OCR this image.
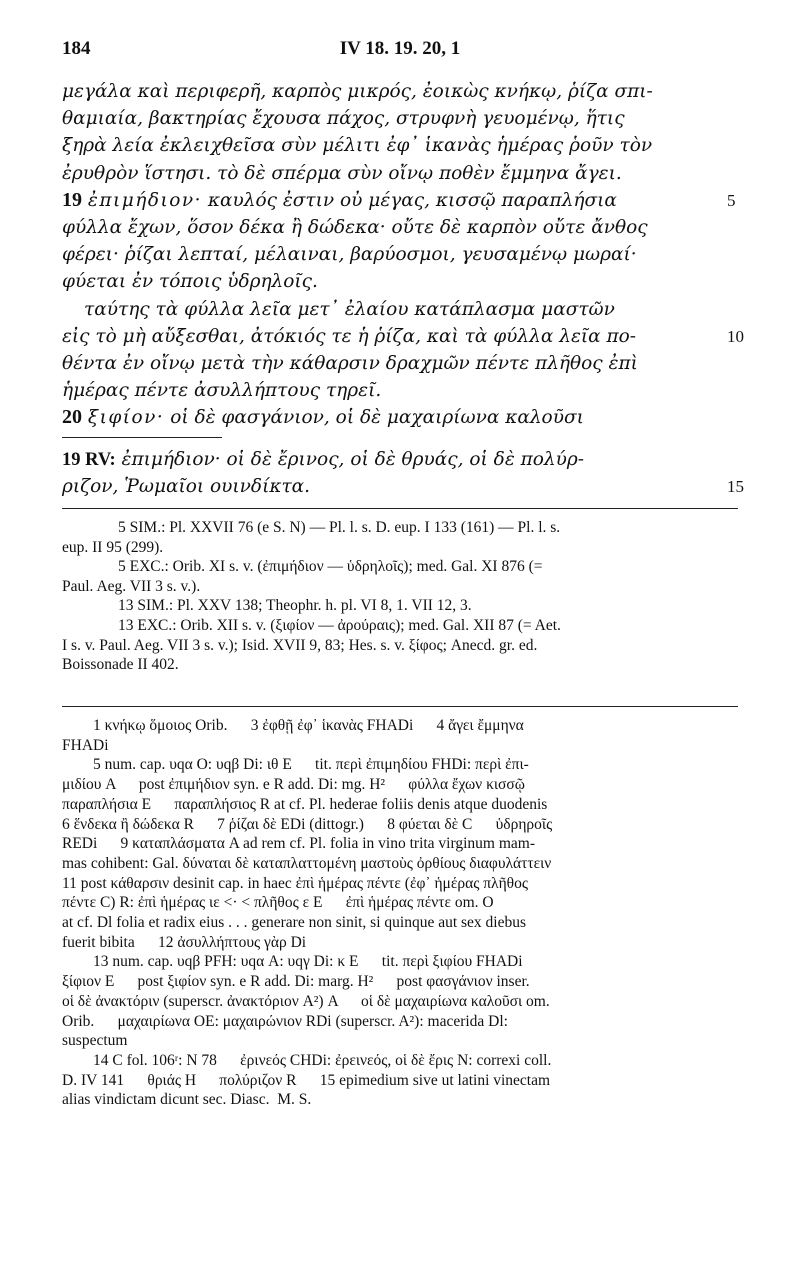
184	IV 18. 19. 20, 1
μεγάλα καὶ περιφερῆ, καρπὸς μικρός, ἐοικὼς κνήκῳ, ῥίζα σπι-
θαμιαία, βακτηρίας ἔχουσα πάχος, στρυφνὴ γευομένῳ, ἥτις
ξηρὰ λεία ἐκλειχθεῖσα σὺν μέλιτι ἐφ᾽ ἱκανὰς ἡμέρας ῥοῦν τὸν
ἐρυθρὸν ἵστησι. τὸ δὲ σπέρμα σὺν οἴνῳ ποθὲν ἔμμηνα ἄγει.
19 ἐπιμήδιον· καυλός ἐστιν οὐ μέγας, κισσῷ παραπλήσια	5
φύλλα ἔχων, ὅσον δέκα ἢ δώδεκα· οὔτε δὲ καρπὸν οὔτε ἄνθος
φέρει· ῥίζαι λεπταί, μέλαιναι, βαρύοσμοι, γευσαμένῳ μωραί·
φύεται ἐν τόποις ὑδρηλοῖς.
ταύτης τὰ φύλλα λεῖα μετ᾽ ἐλαίου κατάπλασμα μαστῶν
εἰς τὸ μὴ αὔξεσθαι, ἀτόκιός τε ἡ ῥίζα, καὶ τὰ φύλλα λεῖα πο-	10
θέντα ἐν οἴνῳ μετὰ τὴν κάθαρσιν δραχμῶν πέντε πλῆθος ἐπὶ
ἡμέρας πέντε ἀσυλλήπτους τηρεῖ.
20 ξιφίον· οἱ δὲ φασγάνιον, οἱ δὲ μαχαιρίωνα καλοῦσι
19 RV: ἐπιμήδιον· οἱ δὲ ἔρινος, οἱ δὲ θρυάς, οἱ δὲ πολύρ-
ριζον, Ῥωμαῖοι ουινδίκτα.	15
5 SIM.: Pl. XXVII 76 (e S. N) — Pl. l. s. D. eup. I 133 (161) — Pl. l. s.
eup. II 95 (299).
5 EXC.: Orib. XI s. v. (ἐπιμήδιον — ὑδρηλοῖς); med. Gal. XI 876 (=
Paul. Aeg. VII 3 s. v.).
13 SIM.: Pl. XXV 138; Theophr. h. pl. VI 8, 1. VII 12, 3.
13 EXC.: Orib. XII s. v. (ξιφίον — ἀρούραις); med. Gal. XII 87 (= Aet.
I s. v. Paul. Aeg. VII 3 s. v.); Isid. XVII 9, 83; Hes. s. v. ξίφος; Anecd. gr. ed.
Boissonade II 402.
1 κνήκῳ ὅμοιος Orib.      3 ἐφθῇ ἐφ᾽ ἱκανὰς FHADi      4 ἄγει ἔμμηνα
FHADi
5 num. cap. υqα O: υqβ Di: ιθ E      tit. περὶ ἐπιμηδίου FHDi: περὶ ἐπι-
μιδίου A      post ἐπιμήδιον syn. e R add. Di: mg. H²      φύλλα ἔχων κισσῷ
παραπλήσια E      παραπλήσιος R at cf. Pl. hederae foliis denis atque duodenis
6 ἕνδεκα ἢ δώδεκα R      7 ῥίζαι δὲ EDi (dittogr.)      8 φύεται δὲ C      ὑδρηροῖς
REDi      9 καταπλάσματα A ad rem cf. Pl. folia in vino trita virginum mam-
mas cohibent: Gal. δύναται δὲ καταπλαττομένη μαστοὺς ὀρθίους διαφυλάττειν
11 post κάθαρσιν desinit cap. in haec ἐπὶ ἡμέρας πέντε (ἐφ᾽ ἡμέρας πλῆθος
πέντε C) R: ἐπὶ ἡμέρας ιε <· < πλῆθος ε E      ἐπὶ ἡμέρας πέντε om. O
at cf. Dl folia et radix eius . . . generare non sinit, si quinque aut sex diebus
fuerit bibita      12 ἀσυλλήπτους γὰρ Di
13 num. cap. υqβ PFH: υqα A: υqγ Di: κ E      tit. περὶ ξιφίου FHADi
ξίφιον E      post ξιφίον syn. e R add. Di: marg. H²      post φασγάνιον inser.
οἱ δὲ ἀνακτόριν (superscr. ἀνακτόριον A²) A      οἱ δὲ μαχαιρίωνα καλοῦσι om.
Orib.      μαχαιρίωνα OE: μαχαιρώνιον RDi (superscr. A²): macerida Dl:
suspectum
14 C fol. 106ʳ: N 78      ἐρινεός CHDi: ἐρεινεός, οἱ δὲ ἔρις N: correxi coll.
D. IV 141      θριάς H      πολύριζον R      15 epimedium sive ut latini vinectam
alias vindictam dicunt sec. Diasc.  M. S.
